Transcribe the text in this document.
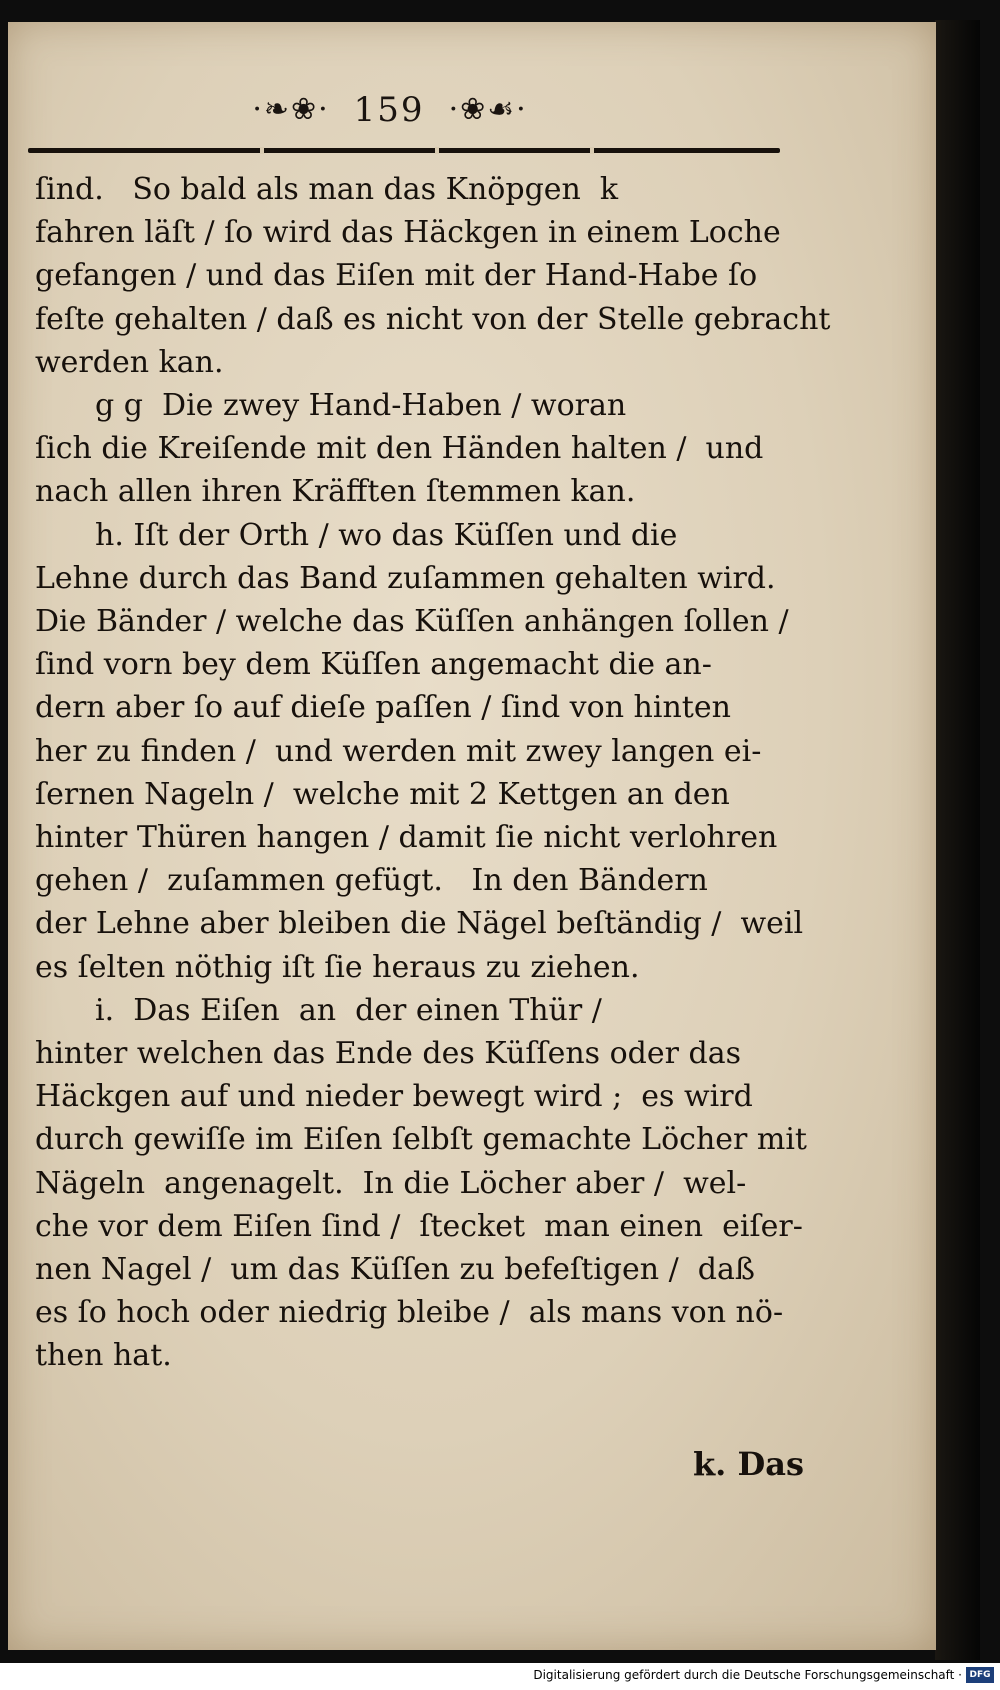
·❧❀· 159 ·❀☙·

ſind.   So bald als man das Knöpgen  k

fahren läſt / ſo wird das Häckgen in einem Loche

gefangen / und das Eiſen mit der Hand-Habe ſo

feſte gehalten / daß es nicht von der Stelle gebracht

werden kan.

g g  Die zwey Hand-Haben / woran

ſich die Kreiſende mit den Händen halten /  und

nach allen ihren Kräfften ſtemmen kan.

h. Iſt der Orth / wo das Küſſen und die

Lehne durch das Band zuſammen gehalten wird.

Die Bänder / welche das Küſſen anhängen ſollen /

ſind vorn bey dem Küſſen angemacht die an-

dern aber ſo auf dieſe paſſen / ſind von hinten

her zu finden /  und werden mit zwey langen ei-

ſernen Nageln /  welche mit 2 Kettgen an den

hinter Thüren hangen / damit ſie nicht verlohren

gehen /  zuſammen gefügt.   In den Bändern

der Lehne aber bleiben die Nägel beſtändig /  weil

es ſelten nöthig iſt ſie heraus zu ziehen.

i.  Das Eiſen  an  der einen Thür /

hinter welchen das Ende des Küſſens oder das

Häckgen auf und nieder bewegt wird ;  es wird

durch gewiſſe im Eiſen ſelbſt gemachte Löcher mit

Nägeln  angenagelt.  In die Löcher aber /  wel-

che vor dem Eiſen ſind /  ſtecket  man einen  eiſer-

nen Nagel /  um das Küſſen zu befeſtigen /  daß

es ſo hoch oder niedrig bleibe /  als mans von nö-

then hat.

k. Das
Digitalisierung gefördert durch die Deutsche Forschungsgemeinschaft · DFG
